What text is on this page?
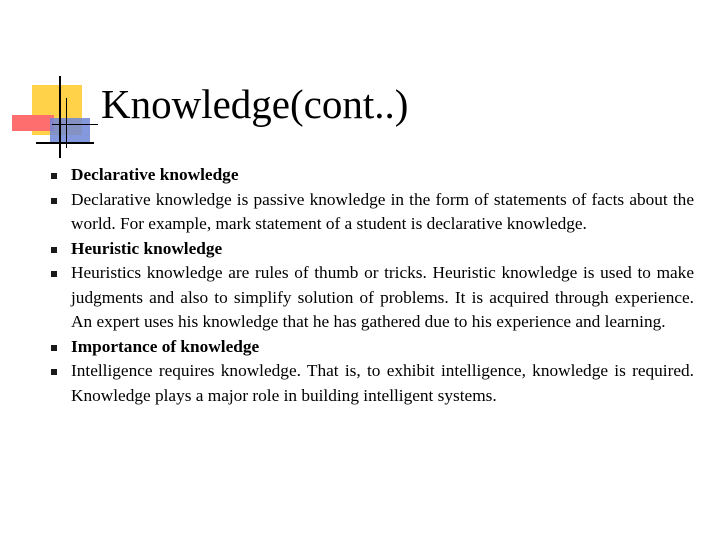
Knowledge(cont..)
Declarative knowledge
Declarative knowledge is passive knowledge in the form of statements of facts about the world. For example, mark statement of a student is declarative knowledge.
Heuristic knowledge
Heuristics knowledge are rules of thumb or tricks. Heuristic knowledge is used to make judgments and also to simplify solution of problems. It is acquired through experience. An expert uses his knowledge that he has gathered due to his experience and learning.
Importance of knowledge
Intelligence requires knowledge. That is, to exhibit intelligence, knowledge is required. Knowledge plays a major role in building intelligent systems.
